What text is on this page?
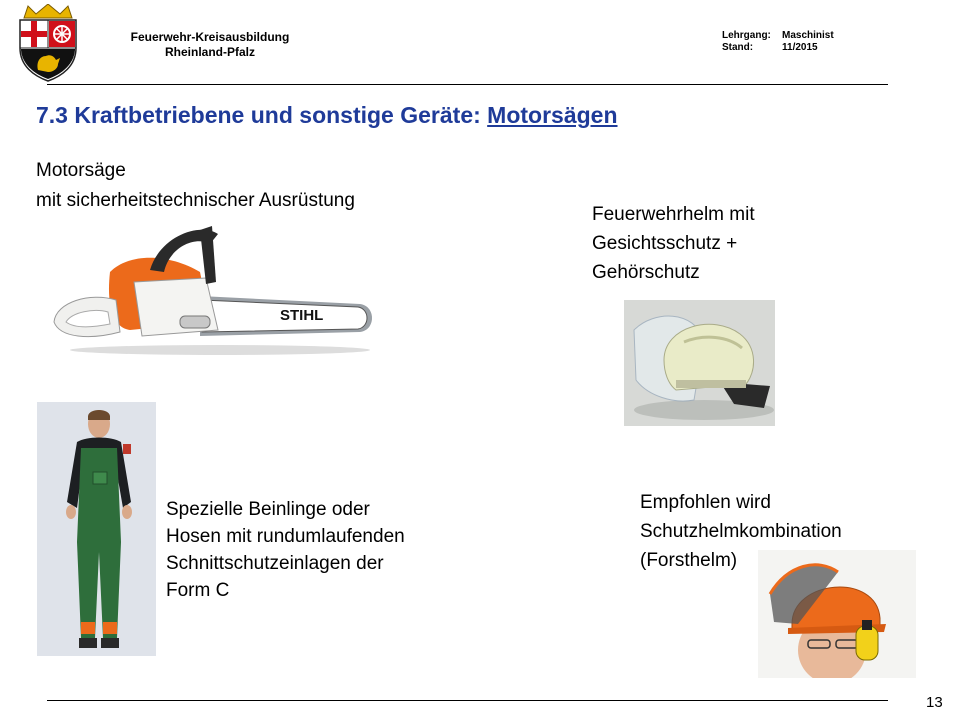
Feuerwehr-Kreisausbildung
Rheinland-Pfalz
Lehrgang:	Maschinist
Stand:	11/2015
7.3 Kraftbetriebene und sonstige Geräte: Motorsägen
Motorsäge
mit sicherheitstechnischer Ausrüstung
STIHL
Feuerwehrhelm mit
Gesichtsschutz +
Gehörschutz
Spezielle Beinlinge oder
Hosen mit rundumlaufenden
Schnittschutzeinlagen der
Form C
Empfohlen wird
Schutzhelmkombination
(Forsthelm)
13
